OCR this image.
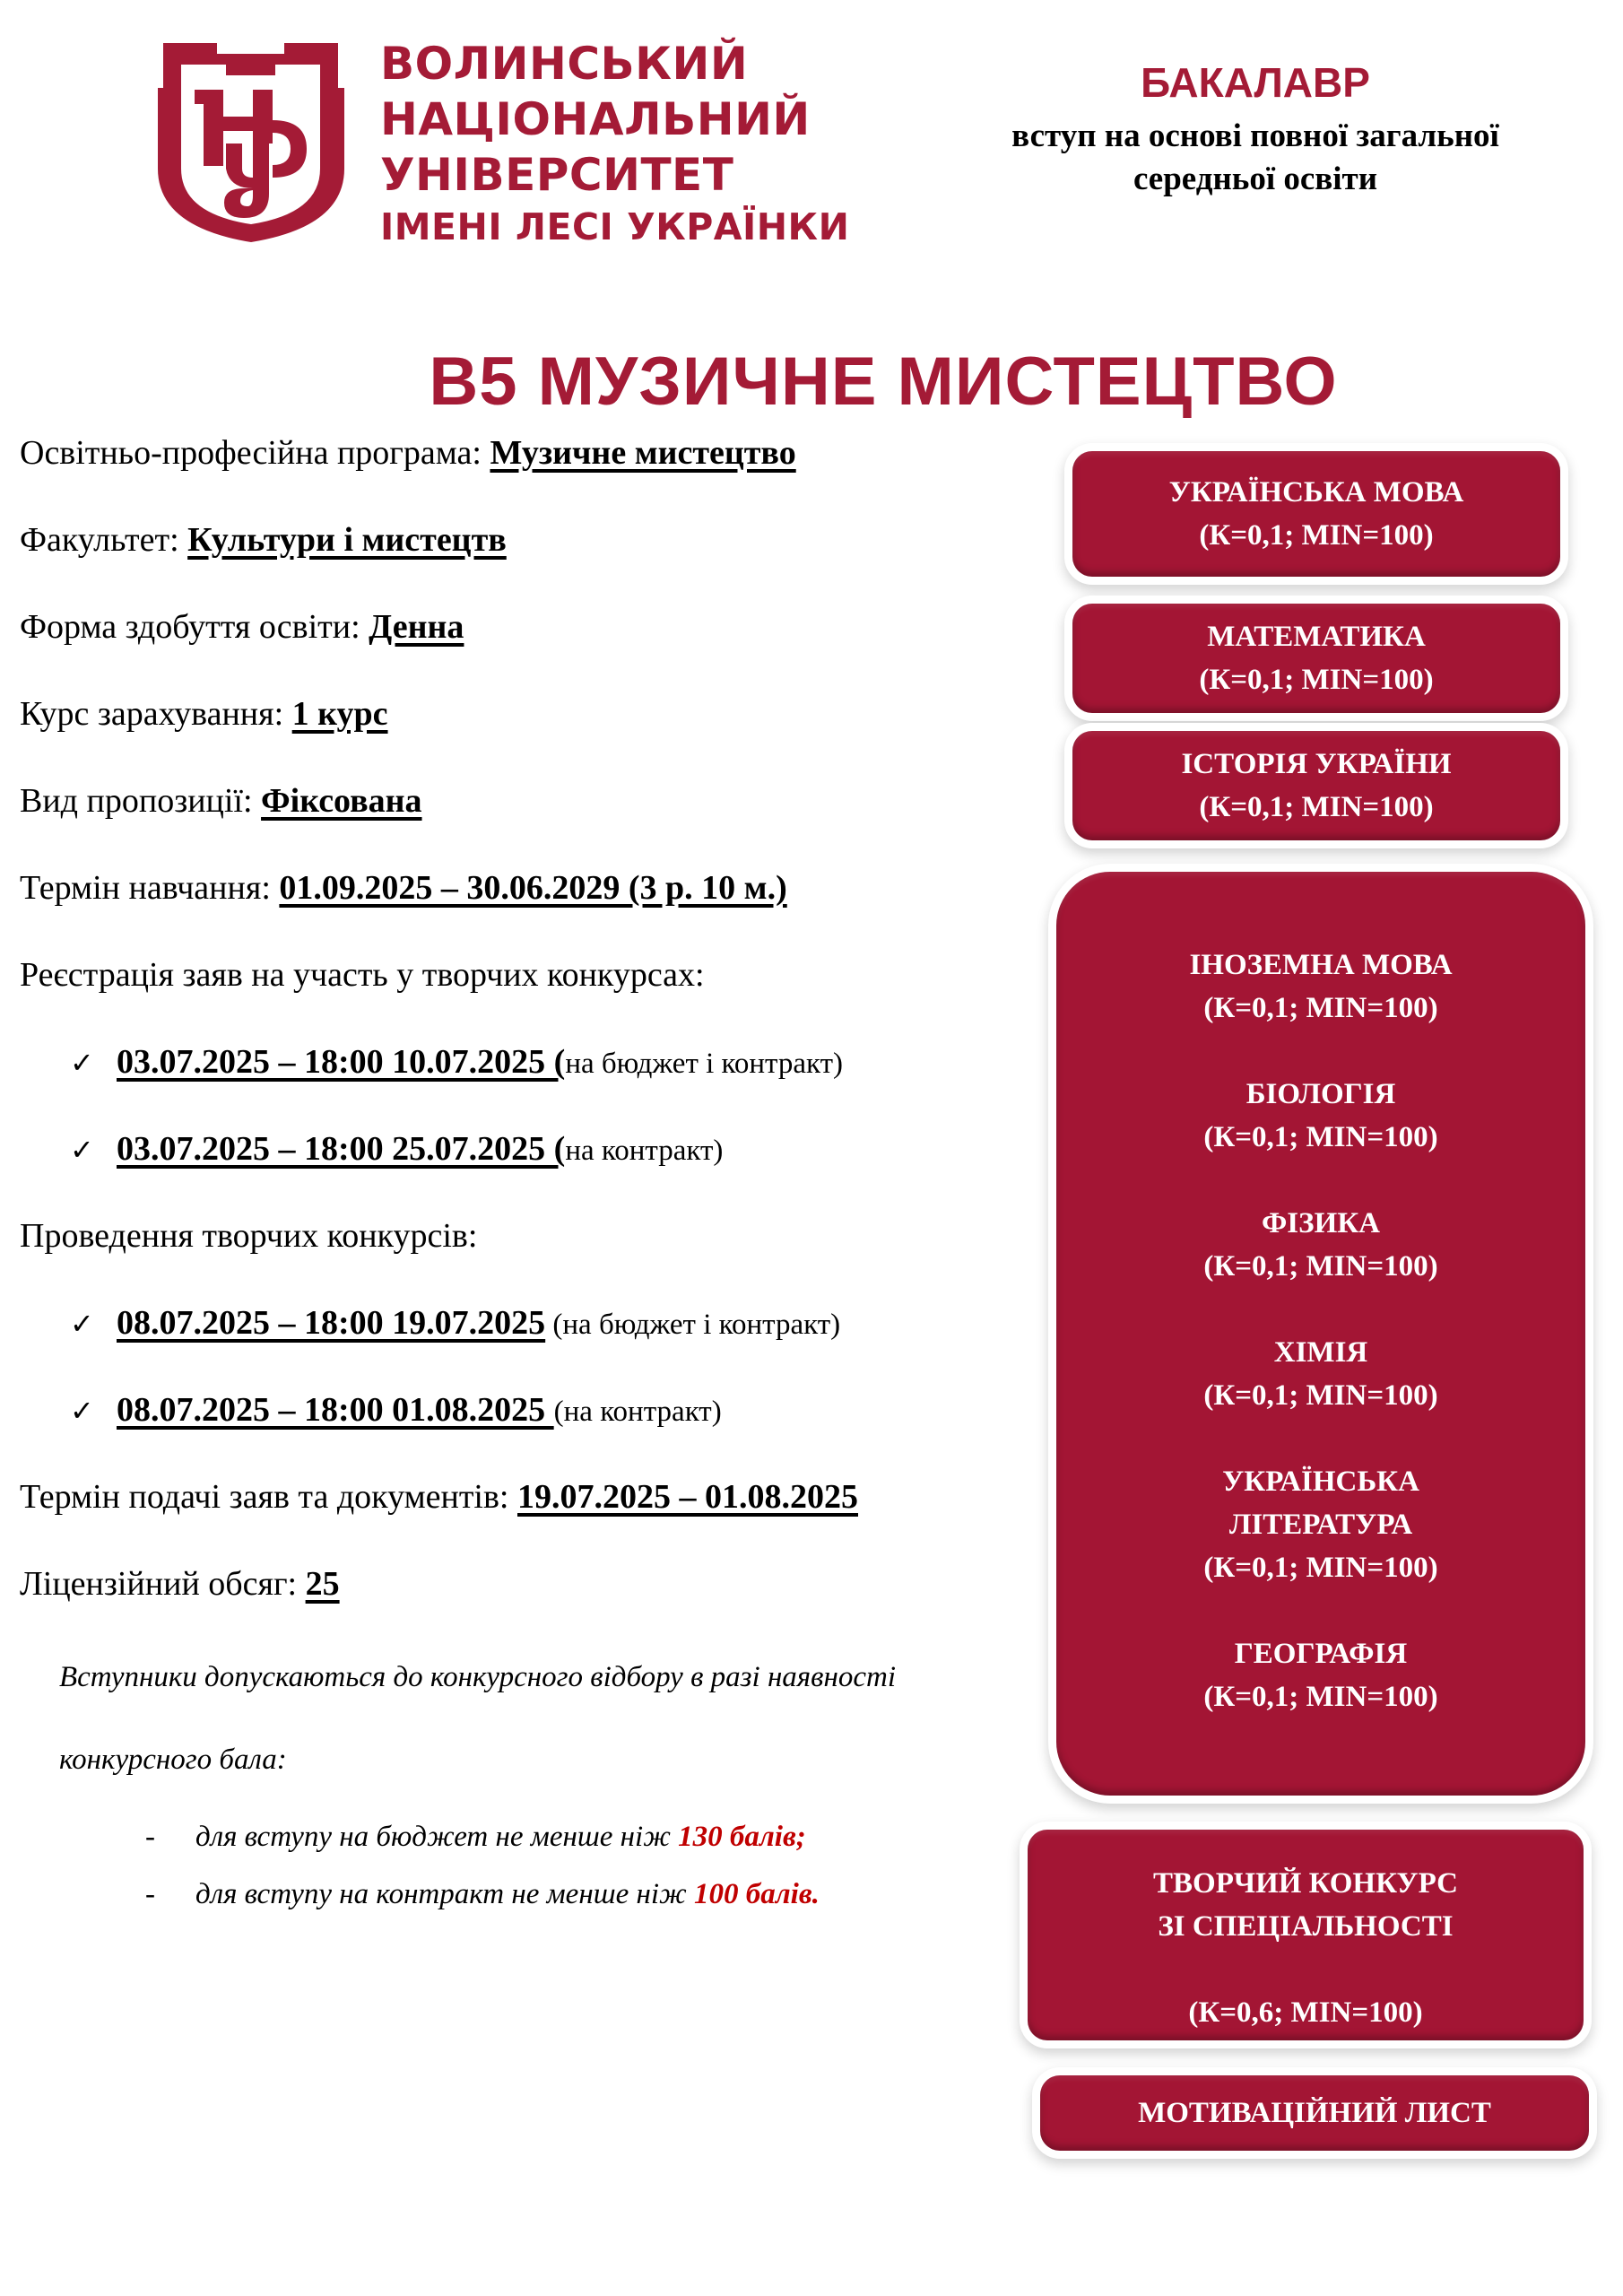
ВОЛИНСЬКИЙ
НАЦІОНАЛЬНИЙ
УНІВЕРСИТЕТ
ІМЕНІ ЛЕСІ УКРАЇНКИ
БАКАЛАВР
вступ на основі повної загальної
середньої освіти
B5 МУЗИЧНЕ МИСТЕЦТВО
Освітньо-професійна програма: Музичне мистецтво
Факультет: Культури і мистецтв
Форма здобуття освіти: Денна
Курс зарахування: 1 курс
Вид пропозиції: Фіксована
Термін навчання: 01.09.2025 – 30.06.2029 (3 р. 10 м.)
Реєстрація заяв на участь у творчих конкурсах:
✓ 03.07.2025 – 18:00 10.07.2025 (на бюджет і контракт)
✓ 03.07.2025 – 18:00 25.07.2025 (на контракт)
Проведення творчих конкурсів:
✓ 08.07.2025 – 18:00 19.07.2025 (на бюджет і контракт)
✓ 08.07.2025 – 18:00 01.08.2025 (на контракт)
Термін подачі заяв та документів: 19.07.2025 – 01.08.2025
Ліцензійний обсяг: 25
Вступники допускаються до конкурсного відбору в разі наявності
конкурсного бала:
- для вступу на бюджет не менше ніж 130 балів;
- для вступу на контракт не менше ніж 100 балів.
УКРАЇНСЬКА МОВА
(К=0,1; MIN=100)
МАТЕМАТИКА
(К=0,1; MIN=100)
ІСТОРІЯ УКРАЇНИ
(К=0,1; MIN=100)
ІНОЗЕМНА МОВА
(К=0,1; MIN=100)
БІОЛОГІЯ
(К=0,1; MIN=100)
ФІЗИКА
(К=0,1; MIN=100)
ХІМІЯ
(К=0,1; MIN=100)
УКРАЇНСЬКА
ЛІТЕРАТУРА
(К=0,1; MIN=100)
ГЕОГРАФІЯ
(К=0,1; MIN=100)
ТВОРЧИЙ КОНКУРС
ЗІ СПЕЦІАЛЬНОСТІ
(К=0,6; MIN=100)
МОТИВАЦІЙНИЙ ЛИСТ
